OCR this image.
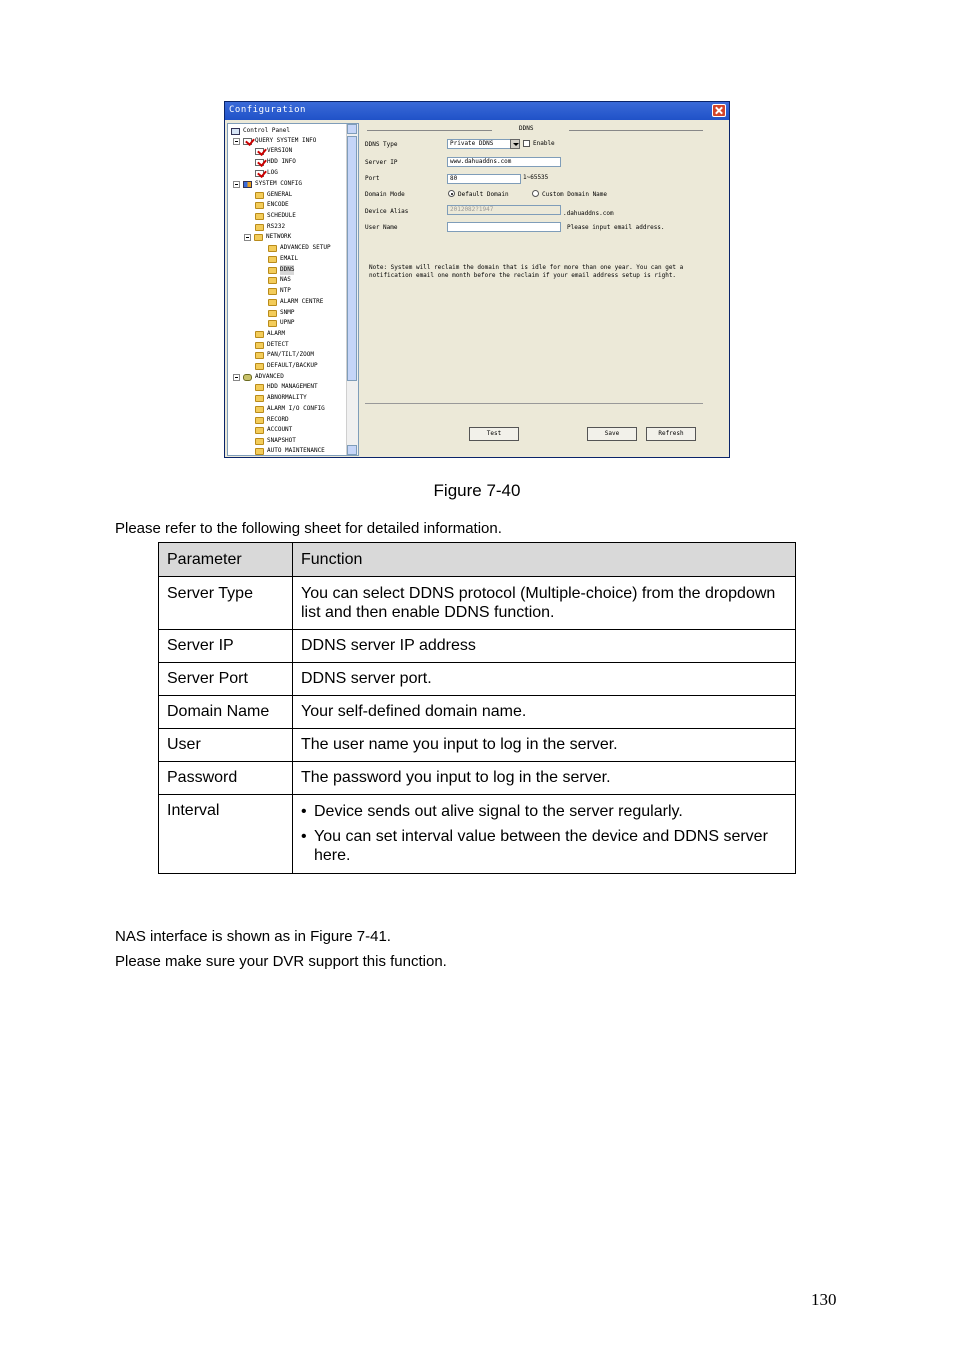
Configuration
Control Panel
QUERY SYSTEM INFO
VERSION
HDD INFO
LOG
SYSTEM CONFIG
GENERAL
ENCODE
SCHEDULE
RS232
NETWORK
ADVANCED SETUP
EMAIL
DDNS
NAS
NTP
ALARM CENTRE
SNMP
UPNP
ALARM
DETECT
PAN/TILT/ZOOM
DEFAULT/BACKUP
ADVANCED
HDD MANAGEMENT
ABNORMALITY
ALARM I/O CONFIG
RECORD
ACCOUNT
SNAPSHOT
AUTO MAINTENANCE
DDNS
DDNS Type	Private DDNS	Enable
Server IP	www.dahuaddns.com
Port	80	1~65535
Domain Mode	Default Domain	Custom Domain Name
Device Alias	2012082?1947
.dahuaddns.com
User Name	Please input email address.
Note: System will reclaim the domain that is idle for more than one year. You can get a notification email one month before the reclaim if your email address setup is right.
Test	Save	Refresh
Figure 7-40
Please refer to the following sheet for detailed information.
Parameter	Function
Server Type	You can select DDNS protocol (Multiple-choice) from the dropdown list and then enable DDNS function.
Server IP	DDNS server IP address
Server Port	DDNS server port.
Domain Name	Your self-defined domain name.
User	The user name you input to log in the server.
Password	The password you input to log in the server.
Interval	• Device sends out alive signal to the server regularly.
• You can set interval value between the device and DDNS server here.
NAS interface is shown as in Figure 7-41.
Please make sure your DVR support this function.
130
